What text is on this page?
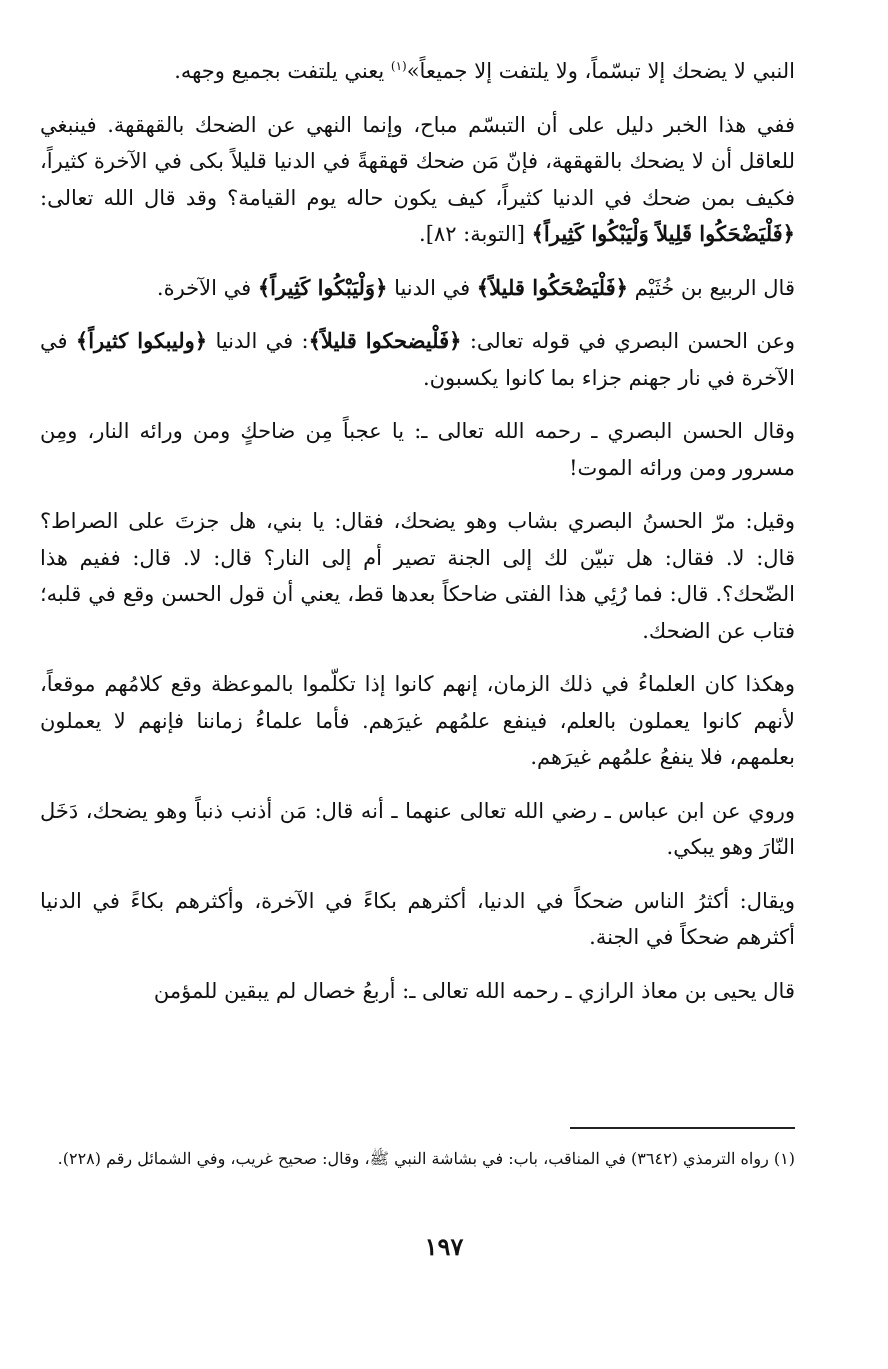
النبي لا يضحك إلا تبسّماً، ولا يلتفت إلا جميعاً»$^{(١)}$ يعني يلتفت بجميع وجهه.

ففي هذا الخبر دليل على أن التبسّم مباح، وإنما النهي عن الضحك بالقهقهة. فينبغي للعاقل أن لا يضحك بالقهقهة، فإنّ مَن ضحك قهقهةً في الدنيا قليلاً بكى في الآخرة كثيراً، فكيف بمن ضحك في الدنيا كثيراً، كيف يكون حاله يوم القيامة؟ وقد قال الله تعالى: ﴿فَلْيَضْحَكُوا قَلِيلاً وَلْيَبْكُوا كَثِيراً﴾ [التوبة: ٨٢].

قال الربيع بن خُثَيْم ﴿فَلْيَضْحَكُوا قليلاً﴾ في الدنيا ﴿وَلْيَبْكُوا كَثِيراً﴾ في الآخرة.

وعن الحسن البصري في قوله تعالى: ﴿فَلْيضحكوا قليلاً﴾: في الدنيا ﴿وليبكوا كثيراً﴾ في الآخرة في نار جهنم جزاء بما كانوا يكسبون.

وقال الحسن البصري ـ رحمه الله تعالى ـ: يا عجباً مِن ضاحكٍ ومن ورائه النار، ومِن مسرور ومن ورائه الموت!

وقيل: مرّ الحسنُ البصري بشاب وهو يضحك، فقال: يا بني، هل جزتَ على الصراط؟ قال: لا. فقال: هل تبيّن لك إلى الجنة تصير أم إلى النار؟ قال: لا. قال: ففيم هذا الضّحك؟. قال: فما رُئِي هذا الفتى ضاحكاً بعدها قط، يعني أن قول الحسن وقع في قلبه؛ فتاب عن الضحك.

وهكذا كان العلماءُ في ذلك الزمان، إنهم كانوا إذا تكلّموا بالموعظة وقع كلامُهم موقعاً، لأنهم كانوا يعملون بالعلم، فينفع علمُهم غيرَهم. فأما علماءُ زماننا فإنهم لا يعملون بعلمهم، فلا ينفعُ علمُهم غيرَهم.

وروي عن ابن عباس ـ رضي الله تعالى عنهما ـ أنه قال: مَن أذنب ذنباً وهو يضحك، دَخَل النّارَ وهو يبكي.

ويقال: أكثرُ الناس ضحكاً في الدنيا، أكثرهم بكاءً في الآخرة، وأكثرهم بكاءً في الدنيا أكثرهم ضحكاً في الجنة.

قال يحيى بن معاذ الرازي ـ رحمه الله تعالى ـ: أربعُ خصال لم يبقين للمؤمن

(١) رواه الترمذي (٣٦٤٢) في المناقب، باب: في بشاشة النبي ﷺ، وقال: صحيح غريب، وفي الشمائل رقم (٢٢٨).

١٩٧
